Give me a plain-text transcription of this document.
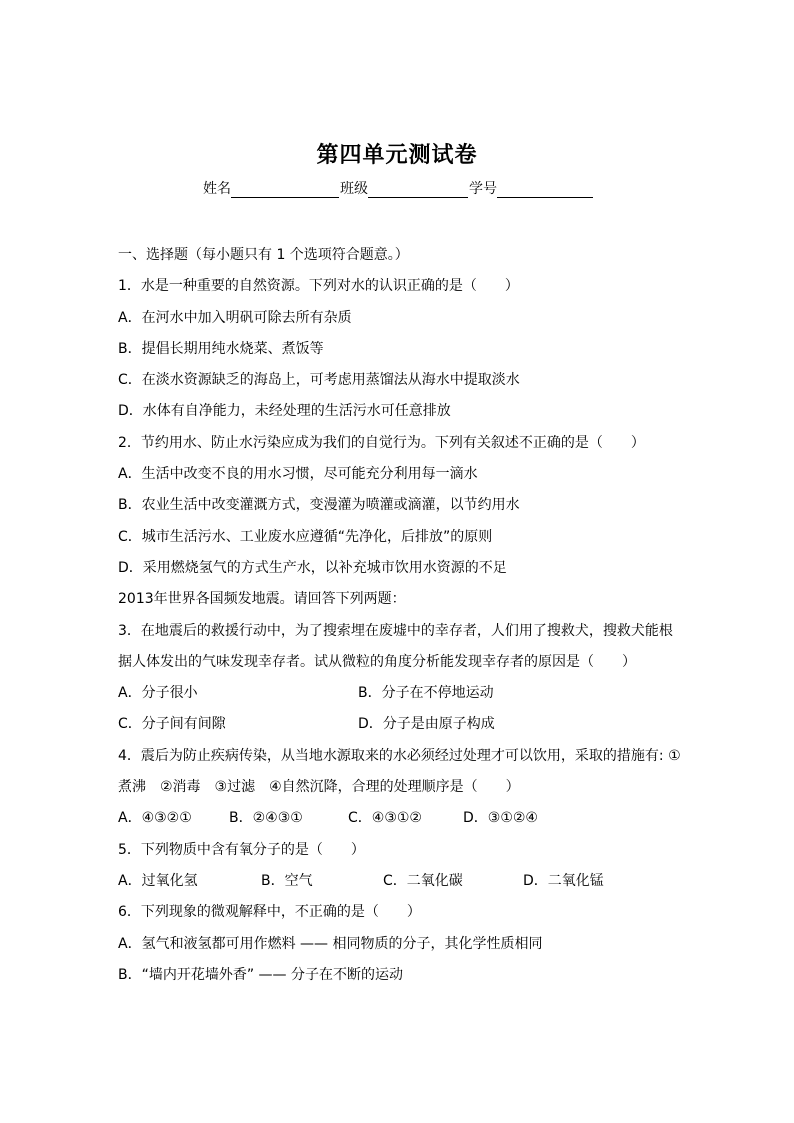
第四单元测试卷
姓名	班级	学号
一、选择题（每小题只有 1 个选项符合题意。）
1．水是一种重要的自然资源。下列对水的认识正确的是（　　）
A．在河水中加入明矾可除去所有杂质
B．提倡长期用纯水烧菜、煮饭等
C．在淡水资源缺乏的海岛上，可考虑用蒸馏法从海水中提取淡水
D．水体有自净能力，未经处理的生活污水可任意排放
2．节约用水、防止水污染应成为我们的自觉行为。下列有关叙述不正确的是（　　）
A．生活中改变不良的用水习惯，尽可能充分利用每一滴水
B．农业生活中改变灌溉方式，变漫灌为喷灌或滴灌，以节约用水
C．城市生活污水、工业废水应遵循“先净化，后排放”的原则
D．采用燃烧氢气的方式生产水，以补充城市饮用水资源的不足
2013年世界各国频发地震。请回答下列两题：
3．在地震后的救援行动中，为了搜索埋在废墟中的幸存者，人们用了搜救犬，搜救犬能根
据人体发出的气味发现幸存者。试从微粒的角度分析能发现幸存者的原因是（　　）
A．分子很小	B．分子在不停地运动
C．分子间有间隙	D．分子是由原子构成
4．震后为防止疾病传染，从当地水源取来的水必须经过处理才可以饮用，采取的措施有: ①
煮沸　②消毒　③过滤　④自然沉降，合理的处理顺序是（　　）
A．④③②①	B．②④③①	C．④③①②	D．③①②④
5．下列物质中含有氧分子的是（　　）
A．过氧化氢	B．空气	C．二氧化碳	D．二氧化锰
6．下列现象的微观解释中，不正确的是（　　）
A．氢气和液氢都可用作燃料 —— 相同物质的分子，其化学性质相同
B．“墙内开花墙外香” —— 分子在不断的运动
